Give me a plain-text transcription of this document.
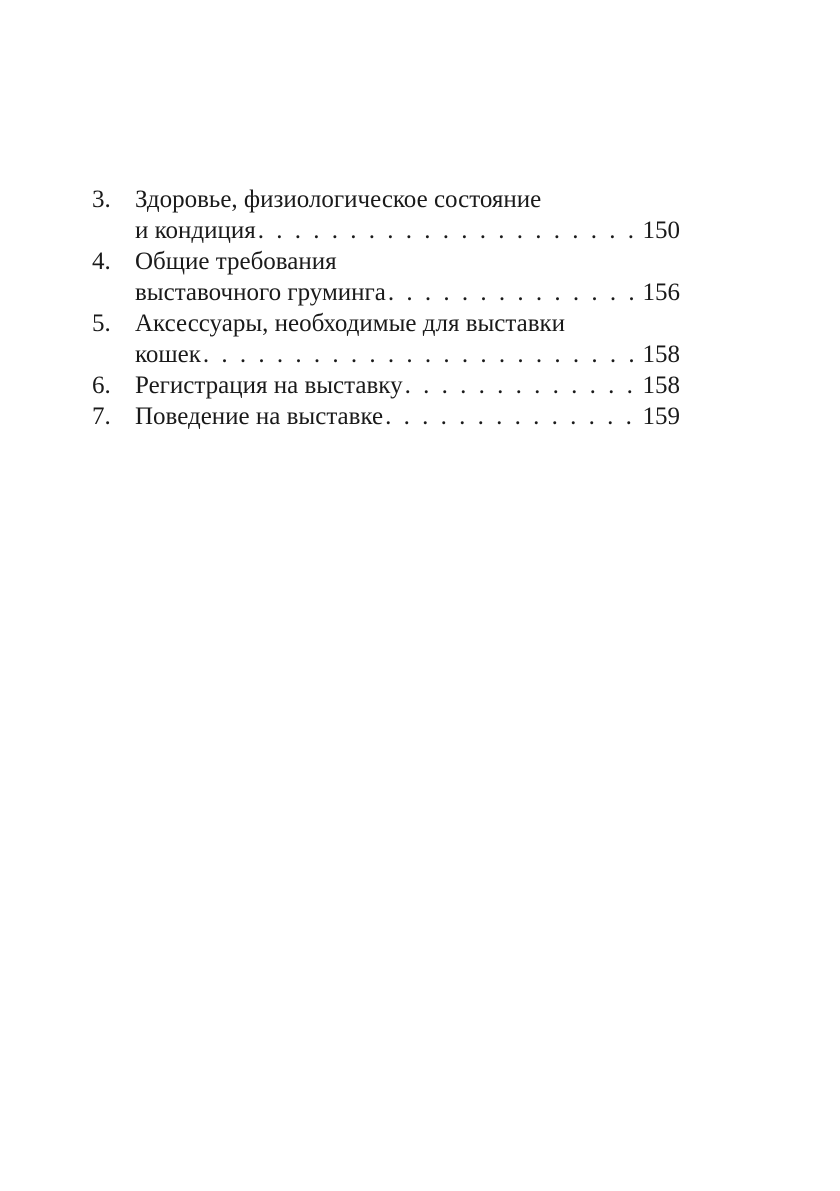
3. Здоровье, физиологическое состояние
и кондиция . . .	150
4. Общие требования
выставочного груминга . . .	156
5. Аксессуары, необходимые для выставки
кошек . . .	158
6. Регистрация на выставку . . .	158
7. Поведение на выставке . . .	159
